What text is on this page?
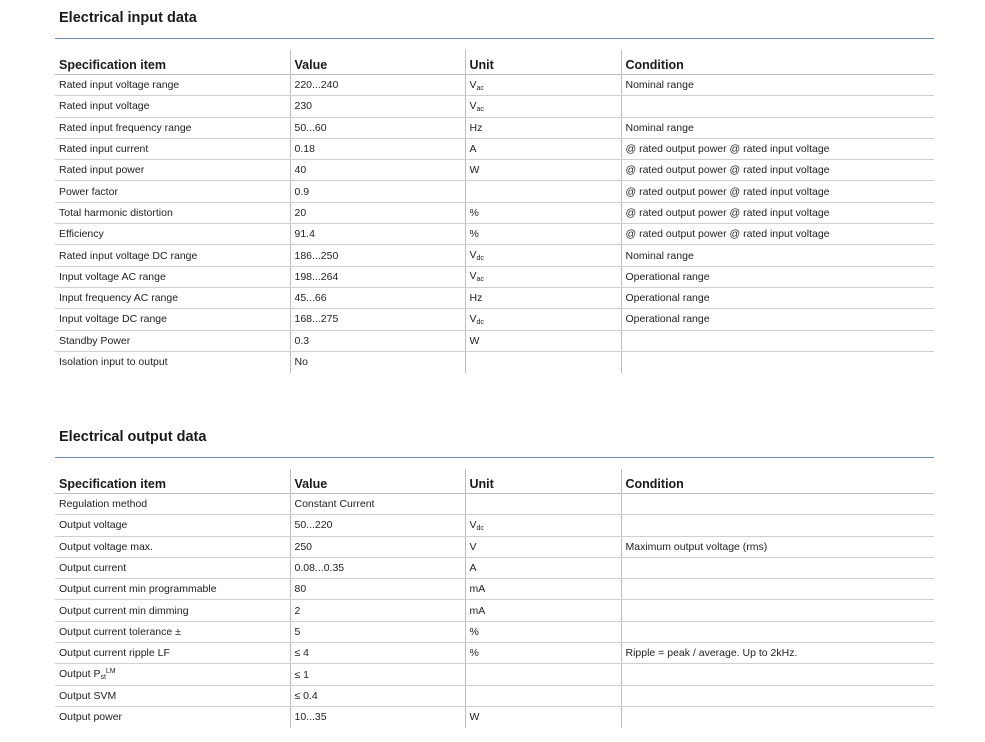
Electrical input data
Specification item	Value	Unit	Condition
Rated input voltage range	220...240	$V_{ac}$	Nominal range
Rated input voltage	230	$V_{ac}$	
Rated input frequency range	50...60	Hz	Nominal range
Rated input current	0.18	A	@ rated output power @ rated input voltage
Rated input power	40	W	@ rated output power @ rated input voltage
Power factor	0.9		@ rated output power @ rated input voltage
Total harmonic distortion	20	%	@ rated output power @ rated input voltage
Efficiency	91.4	%	@ rated output power @ rated input voltage
Rated input voltage DC range	186...250	$V_{dc}$	Nominal range
Input voltage AC range	198...264	$V_{ac}$	Operational range
Input frequency AC range	45...66	Hz	Operational range
Input voltage DC range	168...275	$V_{dc}$	Operational range
Standby Power	0.3	W	
Isolation input to output	No		
Electrical output data
Specification item	Value	Unit	Condition
Regulation method	Constant Current		
Output voltage	50...220	$V_{dc}$	
Output voltage max.	250	V	Maximum output voltage (rms)
Output current	0.08...0.35	A	
Output current min programmable	80	mA	
Output current min dimming	2	mA	
Output current tolerance ±	5	%	
Output current ripple LF	≤ 4	%	Ripple = peak / average. Up to 2kHz.
Output $P_{st}^{LM}$	≤ 1		
Output SVM	≤ 0.4		
Output power	10...35	W	
